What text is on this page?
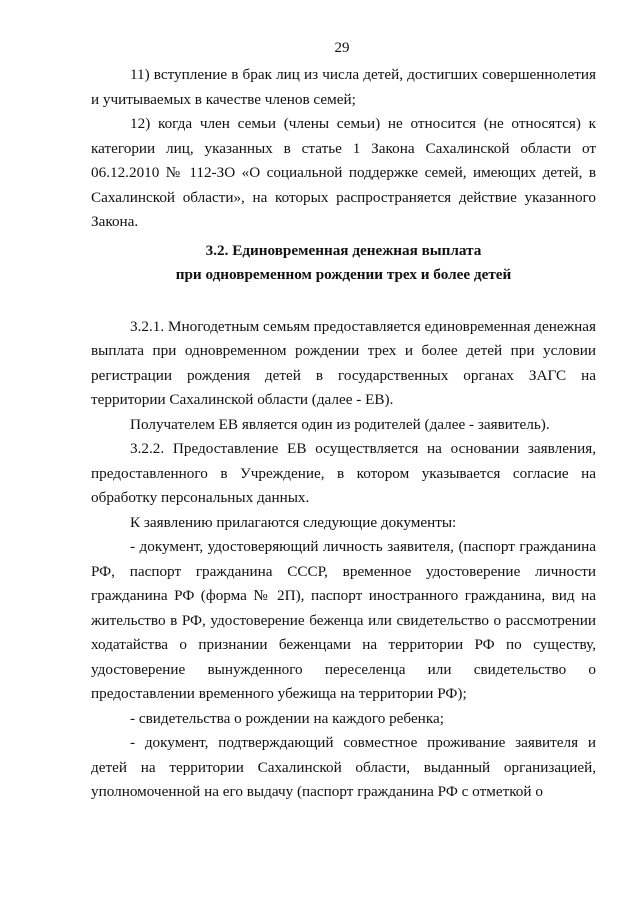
29

11) вступление в брак лиц из числа детей, достигших совершеннолетия и учитываемых в качестве членов семей;

12) когда член семьи (члены семьи) не относится (не относятся) к категории лиц, указанных в статье 1 Закона Сахалинской области от 06.12.2010 № 112-ЗО «О социальной поддержке семей, имеющих детей, в Сахалинской области», на которых распространяется действие указанного Закона.

3.2. Единовременная денежная выплата
при одновременном рождении трех и более детей

3.2.1. Многодетным семьям предоставляется единовременная денежная выплата при одновременном рождении трех и более детей при условии регистрации рождения детей в государственных органах ЗАГС на территории Сахалинской области (далее - ЕВ).

Получателем ЕВ является один из родителей (далее - заявитель).

3.2.2. Предоставление ЕВ осуществляется на основании заявления, предоставленного в Учреждение, в котором указывается согласие на обработку персональных данных.

К заявлению прилагаются следующие документы:

- документ, удостоверяющий личность заявителя, (паспорт гражданина РФ, паспорт гражданина СССР, временное удостоверение личности гражданина РФ (форма № 2П), паспорт иностранного гражданина, вид на жительство в РФ, удостоверение беженца или свидетельство о рассмотрении ходатайства о признании беженцами на территории РФ по существу, удостоверение вынужденного переселенца или свидетельство о предоставлении временного убежища на территории РФ);

- свидетельства о рождении на каждого ребенка;

- документ, подтверждающий совместное проживание заявителя и детей на территории Сахалинской области, выданный организацией, уполномоченной на его выдачу (паспорт гражданина РФ с отметкой о
